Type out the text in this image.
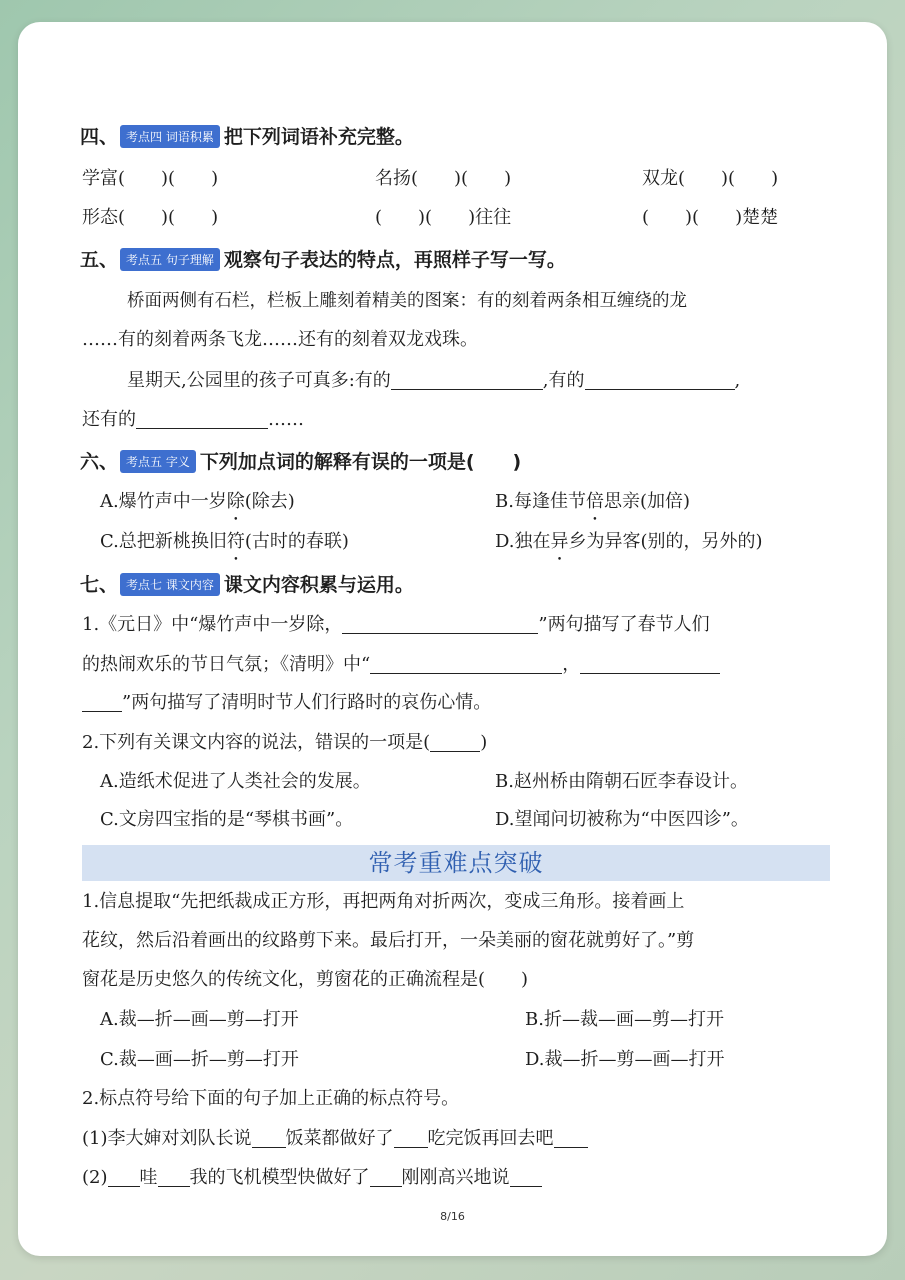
四、 考点四 词语积累 把下列词语补充完整。
学富(　　)(　　)	名扬(　　)(　　)	双龙(　　)(　　)
形态(　　)(　　)	(　　)(　　)往往	(　　)(　　)楚楚
五、 考点五 句子理解 观察句子表达的特点，再照样子写一写。
桥面两侧有石栏，栏板上雕刻着精美的图案：有的刻着两条相互缠绕的龙
……有的刻着两条飞龙……还有的刻着双龙戏珠。
星期天,公园里的孩子可真多:有的	,有的	,
还有的	……
六、 考点五 字义 下列加点词的解释有误的一项是(　　)
A.爆竹声中一岁除(除去)	B.每逢佳节倍思亲(加倍)
C.总把新桃换旧符(古时的春联)	D.独在异乡为异客(别的，另外的)
七、 考点七 课文内容 课文内容积累与运用。
1.《元日》中“爆竹声中一岁除，	”两句描写了春节人们
的热闹欢乐的节日气氛；《清明》中“	，
”两句描写了清明时节人们行路时的哀伤心情。
2.下列有关课文内容的说法，错误的一项是(	)
A.造纸术促进了人类社会的发展。	B.赵州桥由隋朝石匠李春设计。
C.文房四宝指的是“琴棋书画”。	D.望闻问切被称为“中医四诊”。
常考重难点突破
1.信息提取“先把纸裁成正方形，再把两角对折两次，变成三角形。接着画上
花纹，然后沿着画出的纹路剪下来。最后打开，一朵美丽的窗花就剪好了。”剪
窗花是历史悠久的传统文化，剪窗花的正确流程是(　　)
A.裁—折—画—剪—打开	B.折—裁—画—剪—打开
C.裁—画—折—剪—打开	D.裁—折—剪—画—打开
2.标点符号给下面的句子加上正确的标点符号。
(1)李大婶对刘队长说 饭菜都做好了 吃完饭再回去吧
(2) 哇 我的飞机模型快做好了 刚刚高兴地说
8/16
